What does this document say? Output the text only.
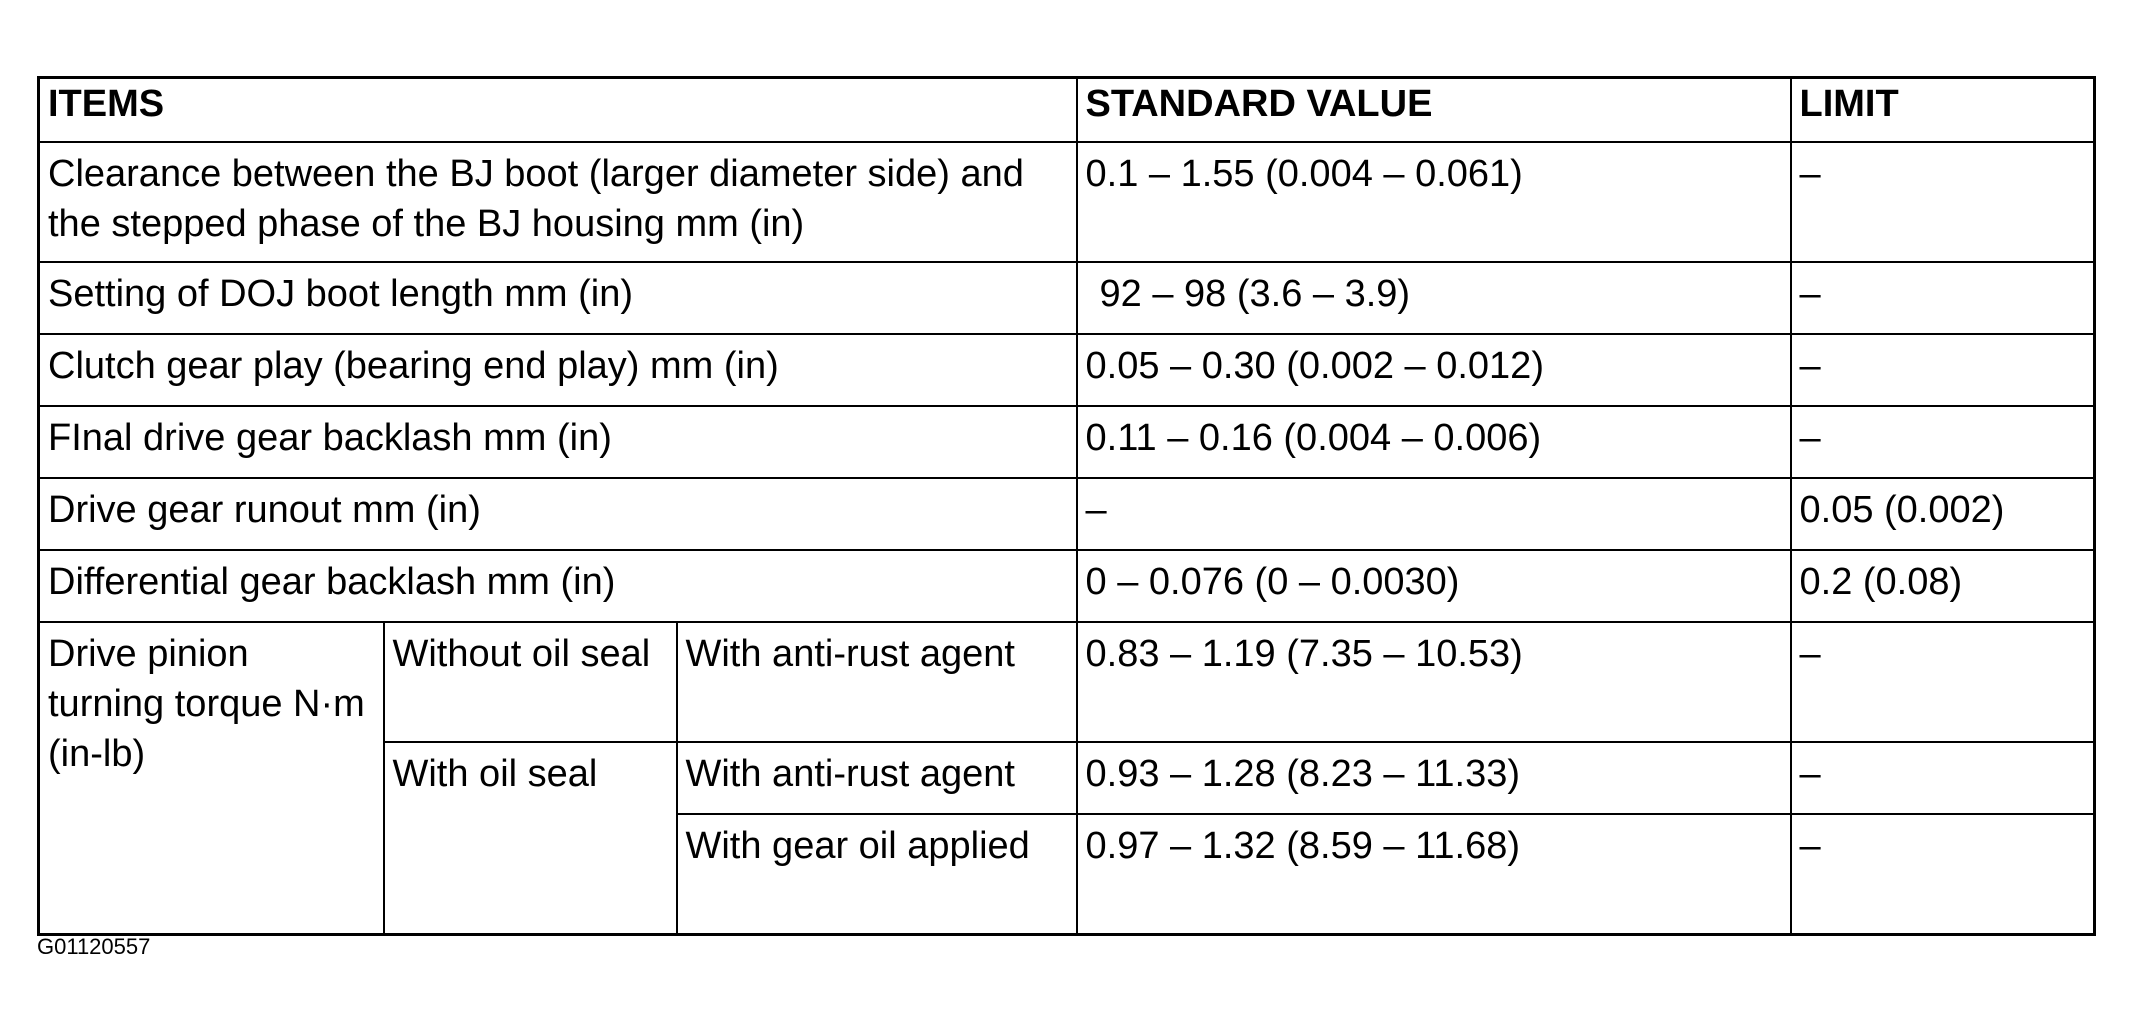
ITEMS			STANDARD VALUE	LIMIT
Clearance between the BJ boot (larger diameter side) and the stepped phase of the BJ housing mm (in)			0.1 – 1.55 (0.004 – 0.061)	–
Setting of DOJ boot length mm (in)			92 – 98 (3.6 – 3.9)	–
Clutch gear play (bearing end play) mm (in)			0.05 – 0.30 (0.002 – 0.012)	–
FInal drive gear backlash mm (in)			0.11 – 0.16 (0.004 – 0.006)	–
Drive gear runout mm (in)			–	0.05 (0.002)
Differential gear backlash mm (in)			0 – 0.076 (0 – 0.0030)	0.2 (0.08)
Drive pinion turning torque N·m (in-lb)	Without oil seal	With anti-rust agent	0.83 – 1.19 (7.35 – 10.53)	–
	With oil seal	With anti-rust agent	0.93 – 1.28 (8.23 – 11.33)	–
		With gear oil applied	0.97 – 1.32 (8.59 – 11.68)	–
G01120557
